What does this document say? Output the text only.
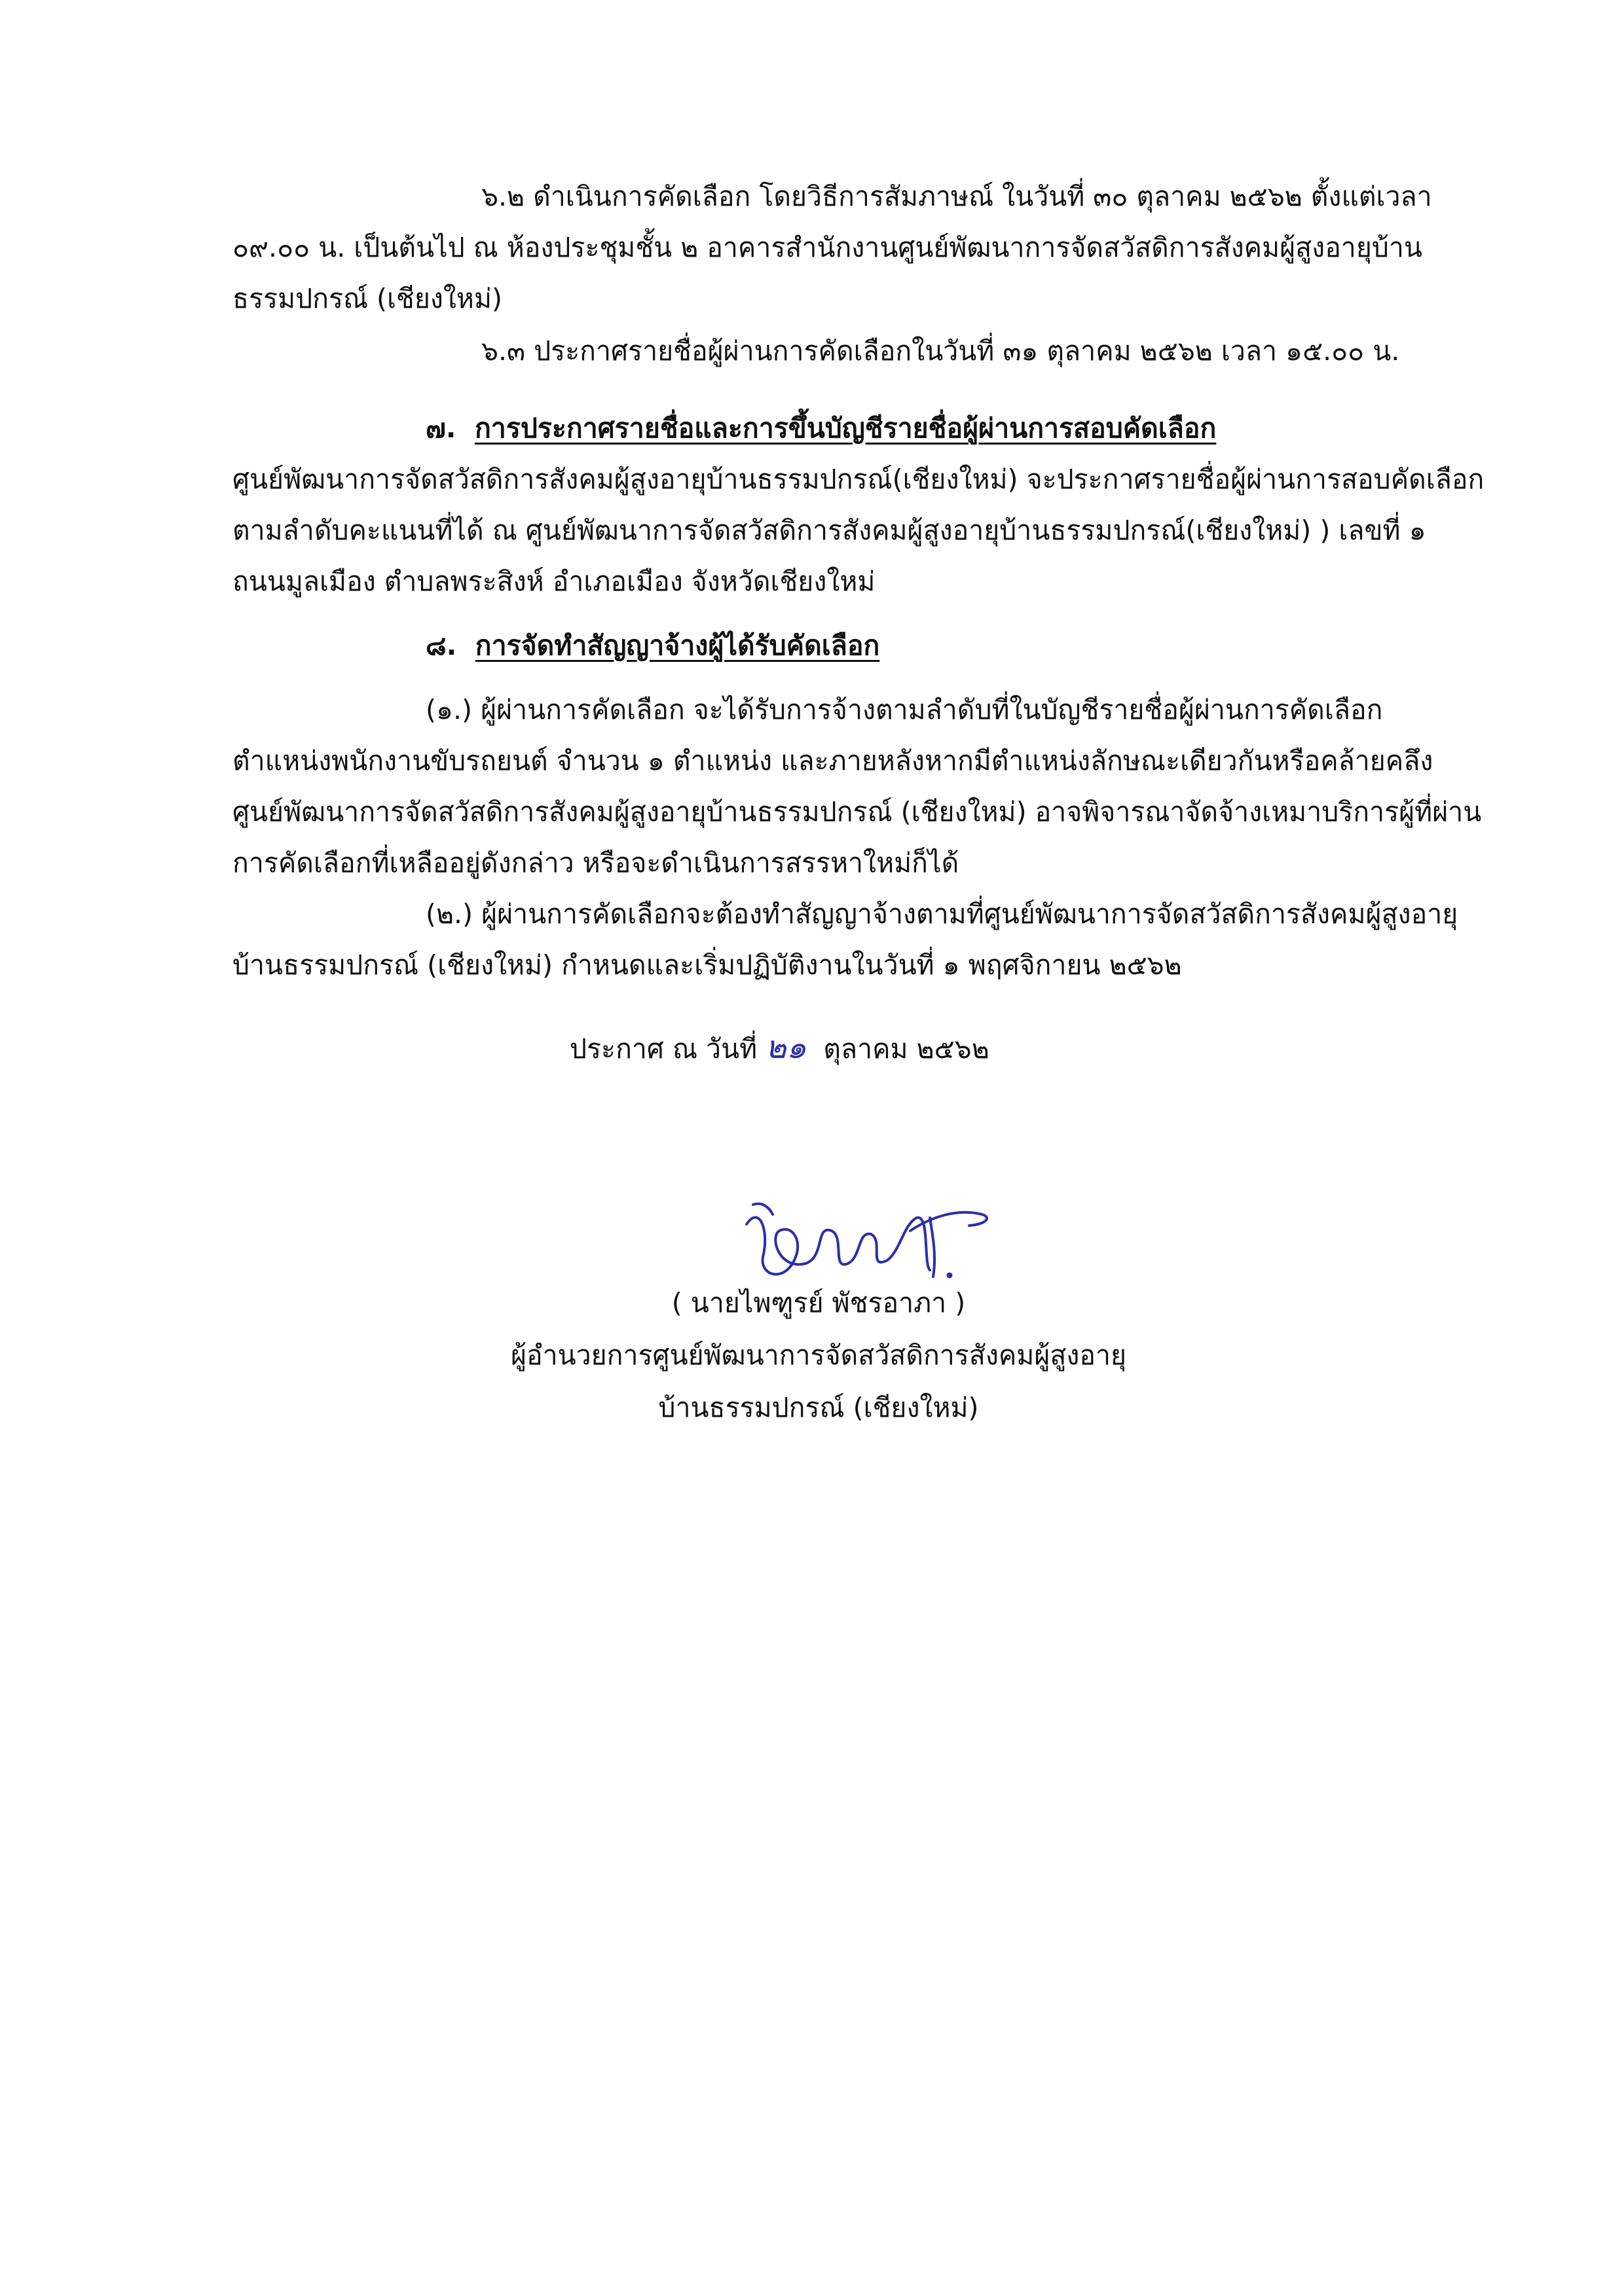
๖.๒ ดำเนินการคัดเลือก โดยวิธีการสัมภาษณ์ ในวันที่ ๓๐ ตุลาคม ๒๕๖๒ ตั้งแต่เวลา
๐๙.๐๐ น. เป็นต้นไป ณ ห้องประชุมชั้น ๒ อาคารสำนักงานศูนย์พัฒนาการจัดสวัสดิการสังคมผู้สูงอายุบ้าน
ธรรมปกรณ์ (เชียงใหม่)
๖.๓ ประกาศรายชื่อผู้ผ่านการคัดเลือกในวันที่ ๓๑ ตุลาคม ๒๕๖๒ เวลา ๑๕.๐๐ น.
๗. การประกาศรายชื่อและการขึ้นบัญชีรายชื่อผู้ผ่านการสอบคัดเลือก
ศูนย์พัฒนาการจัดสวัสดิการสังคมผู้สูงอายุบ้านธรรมปกรณ์(เชียงใหม่) จะประกาศรายชื่อผู้ผ่านการสอบคัดเลือก
ตามลำดับคะแนนที่ได้ ณ ศูนย์พัฒนาการจัดสวัสดิการสังคมผู้สูงอายุบ้านธรรมปกรณ์(เชียงใหม่) ) เลขที่ ๑
ถนนมูลเมือง ตำบลพระสิงห์ อำเภอเมือง จังหวัดเชียงใหม่
๘. การจัดทำสัญญาจ้างผู้ได้รับคัดเลือก
(๑.) ผู้ผ่านการคัดเลือก จะได้รับการจ้างตามลำดับที่ในบัญชีรายชื่อผู้ผ่านการคัดเลือก
ตำแหน่งพนักงานขับรถยนต์ จำนวน ๑ ตำแหน่ง และภายหลังหากมีตำแหน่งลักษณะเดียวกันหรือคล้ายคลึง
ศูนย์พัฒนาการจัดสวัสดิการสังคมผู้สูงอายุบ้านธรรมปกรณ์ (เชียงใหม่) อาจพิจารณาจัดจ้างเหมาบริการผู้ที่ผ่าน
การคัดเลือกที่เหลืออยู่ดังกล่าว หรือจะดำเนินการสรรหาใหม่ก็ได้
(๒.) ผู้ผ่านการคัดเลือกจะต้องทำสัญญาจ้างตามที่ศูนย์พัฒนาการจัดสวัสดิการสังคมผู้สูงอายุ
บ้านธรรมปกรณ์ (เชียงใหม่) กำหนดและเริ่มปฏิบัติงานในวันที่ ๑ พฤศจิกายน ๒๕๖๒
ประกาศ ณ วันที่ ๒๑ ตุลาคม ๒๕๖๒
( นายไพฑูรย์ พัชรอาภา )
ผู้อำนวยการศูนย์พัฒนาการจัดสวัสดิการสังคมผู้สูงอายุ
บ้านธรรมปกรณ์ (เชียงใหม่)
